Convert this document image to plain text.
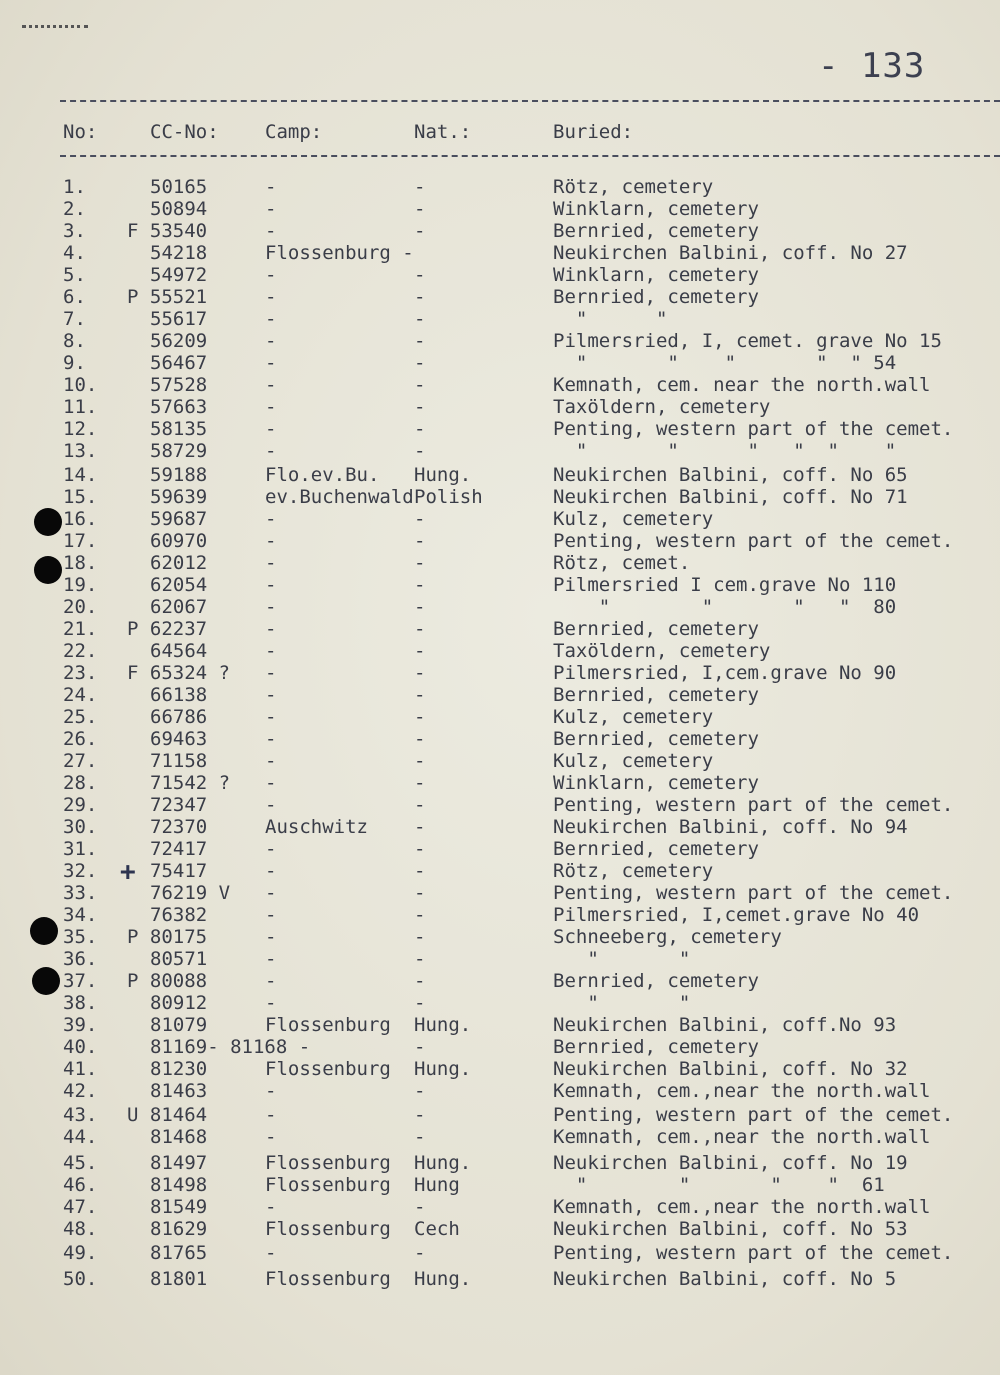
- 133
No:	CC-No: Camp:	Nat.:	Buried:
1.	50165	-	-	Rötz, cemetery
2.	50894	-	-	Winklarn, cemetery
3. F 53540	-	-	Bernried, cemetery
4.	54218	Flossenburg -	Neukirchen Balbini, coff. No 27
5.	54972	-	-	Winklarn, cemetery
6. P 55521	-	-	Bernried, cemetery
7.	55617	-	-	"      "
8.	56209	-	-	Pilmersried, I, cemet. grave No 15
9.	56467	-	-	"       "    "       "  " 54
10.	57528	-	-	Kemnath, cem. near the north.wall
11.	57663	-	-	Taxöldern, cemetery
12.	58135	-	-	Penting, western part of the cemet.
13.	58729	-	-	"       "      "   "  "    "
14.	59188	Flo.ev.Bu. Hung.	Neukirchen Balbini, coff. No 65
15.	59639	ev.Buchenwald Polish	Neukirchen Balbini, coff. No 71
16.	59687	-	-	Kulz, cemetery
17.	60970	-	-	Penting, western part of the cemet.
18.	62012	-	-	Rötz, cemet.
19.	62054	-	-	Pilmersried I cem.grave No 110
20.	62067	-	-	"        "       "   "  80
21. P 62237	-	-	Bernried, cemetery
22.	64564	-	-	Taxöldern, cemetery
23. F 65324 ? -	-	Pilmersried, I,cem.grave No 90
24.	66138	-	-	Bernried, cemetery
25.	66786	-	-	Kulz, cemetery
26.	69463	-	-	Bernried, cemetery
27.	71158	-	-	Kulz, cemetery
28.	71542 ? -	-	Winklarn, cemetery
29.	72347	-	-	Penting, western part of the cemet.
30.	72370	Auschwitz -	Neukirchen Balbini, coff. No 94
31.	72417	-	-	Bernried, cemetery
32.	75417	-	-	Rötz, cemetery
33.	76219 V -	-	Penting, western part of the cemet.
34.	76382	-	-	Pilmersried, I,cemet.grave No 40
35. P 80175	-	-	Schneeberg, cemetery
36.	80571	-	-	"       "
37. P 80088	-	-	Bernried, cemetery
38.	80912	-	-	"       "
39.	81079	Flossenburg Hung.	Neukirchen Balbini, coff.No 93
40.	81169- 81168 -	-	Bernried, cemetery
41.	81230	Flossenburg Hung.	Neukirchen Balbini, coff. No 32
42.	81463	-	-	Kemnath, cem.,near the north.wall
43. U 81464	-	-	Penting, western part of the cemet.
44.	81468	-	-	Kemnath, cem.,near the north.wall
45.	81497	Flossenburg Hung.	Neukirchen Balbini, coff. No 19
46.	81498	Flossenburg Hung	"        "       "    "  61
47.	81549	-	-	Kemnath, cem.,near the north.wall
48.	81629	Flossenburg Cech	Neukirchen Balbini, coff. No 53
49.	81765	-	-	Penting, western part of the cemet.
50.	81801	Flossenburg Hung.	Neukirchen Balbini, coff. No 5
+
